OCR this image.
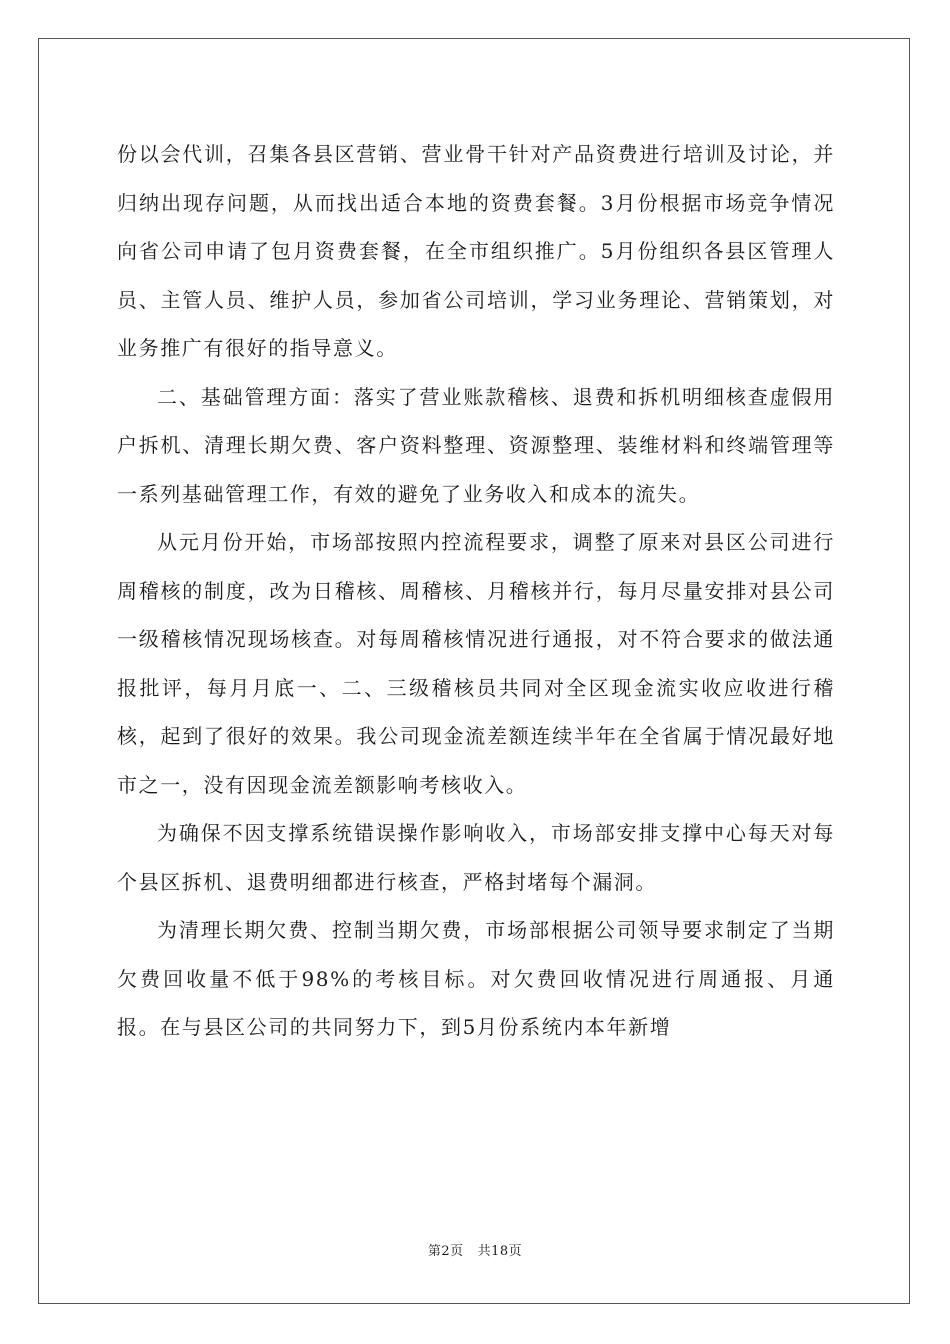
份以会代训，召集各县区营销、营业骨干针对产品资费进行培训及讨论，并归纳出现存问题，从而找出适合本地的资费套餐。3月份根据市场竞争情况向省公司申请了包月资费套餐，在全市组织推广。5月份组织各县区管理人员、主管人员、维护人员，参加省公司培训，学习业务理论、营销策划，对业务推广有很好的指导意义。

二、基础管理方面：落实了营业账款稽核、退费和拆机明细核查虚假用户拆机、清理长期欠费、客户资料整理、资源整理、装维材料和终端管理等一系列基础管理工作，有效的避免了业务收入和成本的流失。

从元月份开始，市场部按照内控流程要求，调整了原来对县区公司进行周稽核的制度，改为日稽核、周稽核、月稽核并行，每月尽量安排对县公司一级稽核情况现场核查。对每周稽核情况进行通报，对不符合要求的做法通报批评，每月月底一、二、三级稽核员共同对全区现金流实收应收进行稽核，起到了很好的效果。我公司现金流差额连续半年在全省属于情况最好地市之一，没有因现金流差额影响考核收入。

为确保不因支撑系统错误操作影响收入，市场部安排支撑中心每天对每个县区拆机、退费明细都进行核查，严格封堵每个漏洞。

为清理长期欠费、控制当期欠费，市场部根据公司领导要求制定了当期欠费回收量不低于98%的考核目标。对欠费回收情况进行周通报、月通报。在与县区公司的共同努力下，到5月份系统内本年新增

第2页 共18页
